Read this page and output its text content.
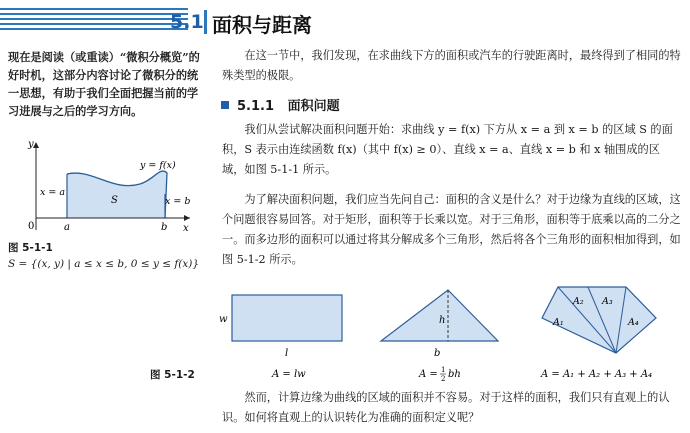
5.1 面积与距离
现在是阅读（或重读）“微积分概览”的好时机，这部分内容讨论了微积分的统一思想，有助于我们全面把握当前的学习进展与之后的学习方向。
y
x
0
y = f(x)
x = a
x = b
S
a	b
图 5-1-1
S = {(x, y) | a ≤ x ≤ b, 0 ≤ y ≤ f(x)}
在这一节中，我们发现，在求曲线下方的面积或汽车的行驶距离时，最终得到了相同的特殊类型的极限。
5.1.1 面积问题
我们从尝试解决面积问题开始：求曲线 y = f(x) 下方从 x = a 到 x = b 的区域 S 的面积，S 表示由连续函数 f(x)（其中 f(x) ≥ 0）、直线 x = a、直线 x = b 和 x 轴围成的区域，如图 5-1-1 所示。
为了解决面积问题，我们应当先问自己：面积的含义是什么？对于边缘为直线的区域，这个问题很容易回答。对于矩形，面积等于长乘以宽。对于三角形，面积等于底乘以高的二分之一。而多边形的面积可以通过将其分解成多个三角形，然后将各个三角形的面积相加得到，如图 5-1-2 所示。
w
l
A = lw
h
b
A = 1
2 bh
A₁
A₂ A₃
A₄
A = A₁ + A₂ + A₃ + A₄
图 5-1-2
然而，计算边缘为曲线的区域的面积并不容易。对于这样的面积，我们只有直观上的认识。如何将直观上的认识转化为准确的面积定义呢？
